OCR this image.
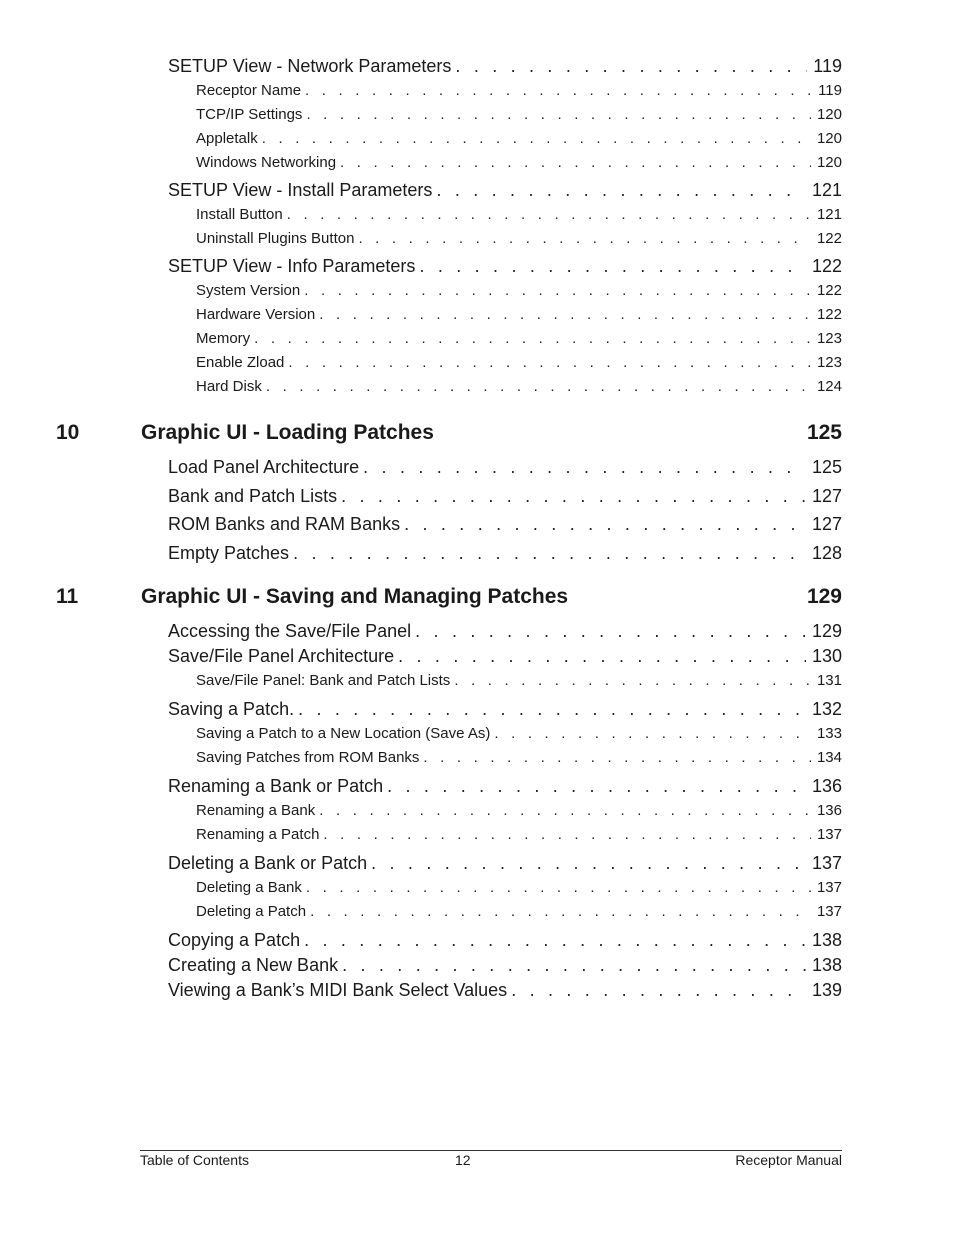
SETUP View - Network Parameters . . .	119
Receptor Name . . .	119
TCP/IP Settings . . .	120
Appletalk . . .	120
Windows Networking . . .	120
SETUP View - Install Parameters . . .	121
Install Button . . .	121
Uninstall Plugins Button . . .	122
SETUP View - Info Parameters . . .	122
System Version . . .	122
Hardware Version . . .	122
Memory . . .	123
Enable Zload . . .	123
Hard Disk . . .	124
10	Graphic UI - Loading Patches	125
Load Panel Architecture . . .	125
Bank and Patch Lists . . .	127
ROM Banks and RAM Banks . . .	127
Empty Patches . . .	128
11	Graphic UI - Saving and Managing Patches	129
Accessing the Save/File Panel . . .	129
Save/File Panel Architecture . . .	130
Save/File Panel: Bank and Patch Lists . . .	131
Saving a Patch. . . .	132
Saving a Patch to a New Location (Save As) . . .	133
Saving Patches from ROM Banks . . .	134
Renaming a Bank or Patch . . .	136
Renaming a Bank . . .	136
Renaming a Patch . . .	137
Deleting a Bank or Patch . . .	137
Deleting a Bank . . .	137
Deleting a Patch . . .	137
Copying a Patch . . .	138
Creating a New Bank . . .	138
Viewing a Bank’s MIDI Bank Select Values . . .	139
Table of Contents	12	Receptor Manual
